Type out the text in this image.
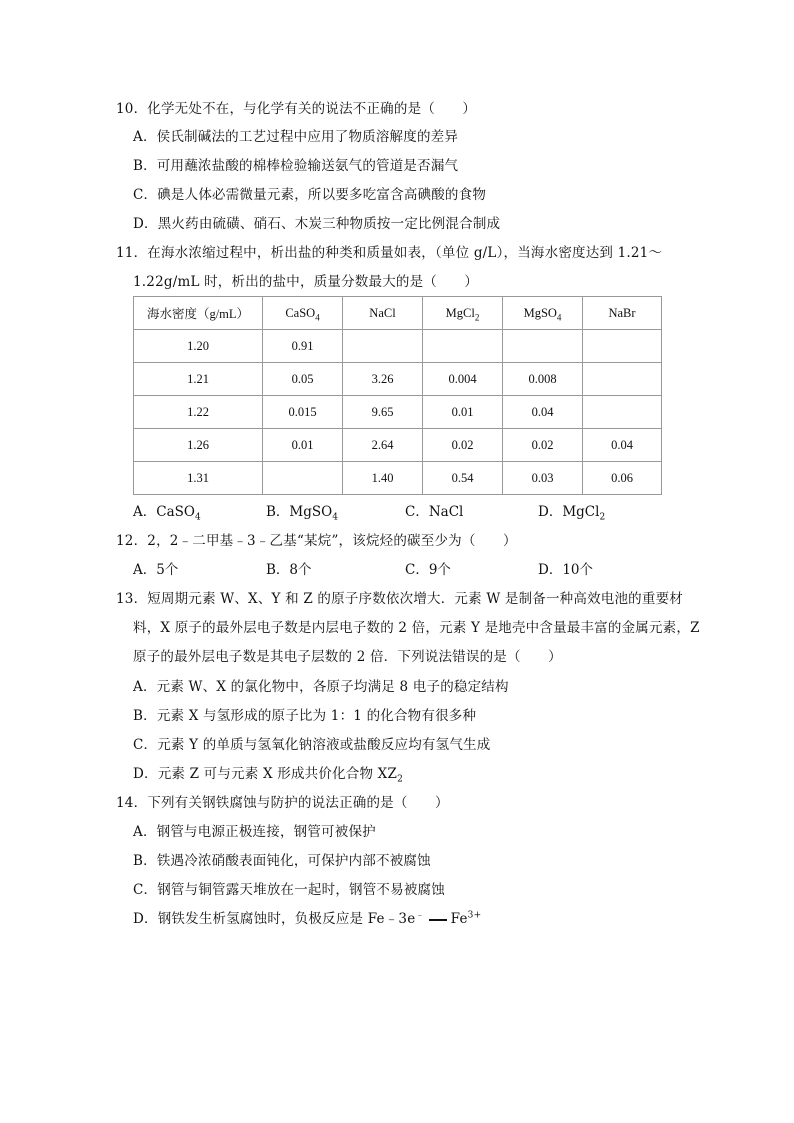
10．化学无处不在，与化学有关的说法不正确的是（　　）
A．侯氏制碱法的工艺过程中应用了物质溶解度的差异
B．可用蘸浓盐酸的棉棒检验输送氨气的管道是否漏气
C．碘是人体必需微量元素，所以要多吃富含高碘酸的食物
D．黑火药由硫磺、硝石、木炭三种物质按一定比例混合制成
11．在海水浓缩过程中，析出盐的种类和质量如表，（单位 g/L），当海水密度达到 1.21～
1.22g/mL 时，析出的盐中，质量分数最大的是（　　）
海水密度（g/mL）	CaSO$_4$	NaCl	MgCl$_2$	MgSO$_4$	NaBr
1.20	0.91				
1.21	0.05	3.26	0.004	0.008	
1.22	0.015	9.65	0.01	0.04	
1.26	0.01	2.64	0.02	0.02	0.04
1.31		1.40	0.54	0.03	0.06
A．CaSO$_4$	B．MgSO$_4$	C．NaCl	D．MgCl$_2$
12．2，2﹣二甲基﹣3﹣乙基“某烷”，该烷烃的碳至少为（　　）
A．5个	B．8个	C．9个	D．10个
13．短周期元素 W、X、Y 和 Z 的原子序数依次增大．元素 W 是制备一种高效电池的重要材
料，X 原子的最外层电子数是内层电子数的 2 倍，元素 Y 是地壳中含量最丰富的金属元素，Z
原子的最外层电子数是其电子层数的 2 倍．下列说法错误的是（　　）
A．元素 W、X 的氯化物中，各原子均满足 8 电子的稳定结构
B．元素 X 与氢形成的原子比为 1：1 的化合物有很多种
C．元素 Y 的单质与氢氧化钠溶液或盐酸反应均有氢气生成
D．元素 Z 可与元素 X 形成共价化合物 $XZ_2$
14．下列有关钢铁腐蚀与防护的说法正确的是（　　）
A．钢管与电源正极连接，钢管可被保护
B．铁遇冷浓硝酸表面钝化，可保护内部不被腐蚀
C．钢管与铜管露天堆放在一起时，钢管不易被腐蚀
D．钢铁发生析氢腐蚀时，负极反应是 Fe﹣3e﹣ $Fe^{3+}$
